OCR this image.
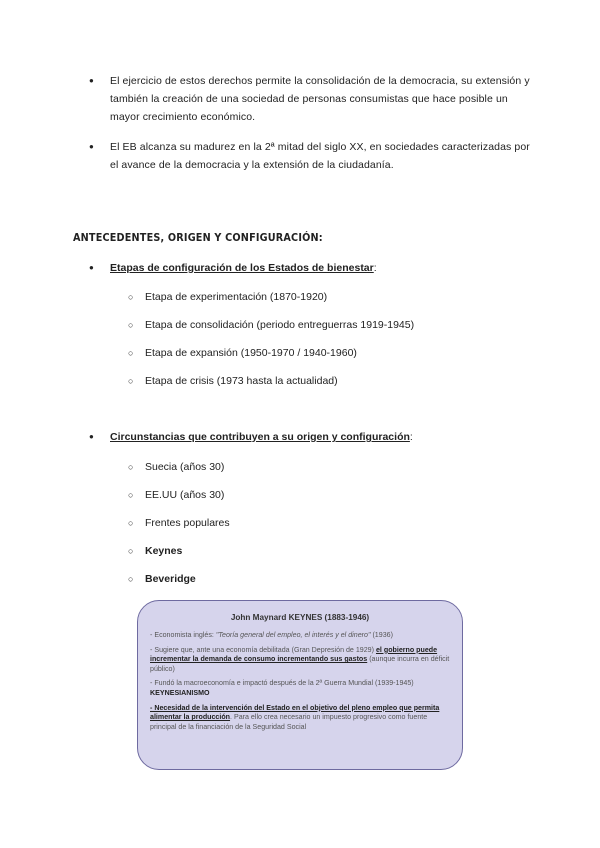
● El ejercicio de estos derechos permite la consolidación de la democracia, su extensión y también la creación de una sociedad de personas consumistas que hace posible un mayor crecimiento económico.
● El EB alcanza su madurez en la 2ª mitad del siglo XX, en sociedades caracterizadas por el avance de la democracia y la extensión de la ciudadanía.
ANTECEDENTES, ORIGEN Y CONFIGURACIÓN:
● Etapas de configuración de los Estados de bienestar:
○ Etapa de experimentación (1870-1920)
○ Etapa de consolidación (periodo entreguerras 1919-1945)
○ Etapa de expansión (1950-1970 / 1940-1960)
○ Etapa de crisis (1973 hasta la actualidad)
● Circunstancias que contribuyen a su origen y configuración:
○ Suecia (años 30)
○ EE.UU (años 30)
○ Frentes populares
○ Keynes
○ Beveridge
John Maynard KEYNES (1883-1946)
- Economista inglés: "Teoría general del empleo, el interés y el dinero" (1936)
- Sugiere que, ante una economía debilitada (Gran Depresión de 1929) el gobierno puede incrementar la demanda de consumo incrementando sus gastos (aunque incurra en déficit público)
- Fundó la macroeconomía e impactó después de la 2ª Guerra Mundial (1939-1945) KEYNESIANISMO
- Necesidad de la intervención del Estado en el objetivo del pleno empleo que permita alimentar la producción. Para ello crea necesario un impuesto progresivo como fuente principal de la financiación de la Seguridad Social
